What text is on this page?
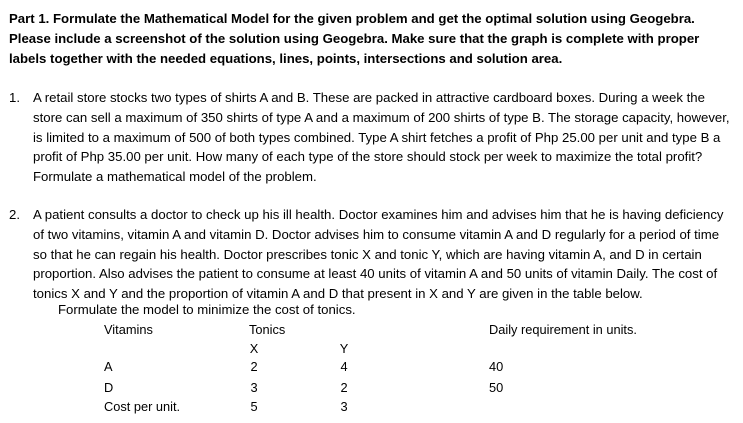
Part 1. Formulate the Mathematical Model for the given problem and get the optimal solution using Geogebra. Please include a screenshot of the solution using Geogebra. Make sure that the graph is complete with proper labels together with the needed equations, lines, points, intersections and solution area.
1. A retail store stocks two types of shirts A and B. These are packed in attractive cardboard boxes. During a week the store can sell a maximum of 350 shirts of type A and a maximum of 200 shirts of type B. The storage capacity, however, is limited to a maximum of 500 of both types combined. Type A shirt fetches a profit of Php 25.00 per unit and type B a profit of Php 35.00 per unit. How many of each type of the store should stock per week to maximize the total profit? Formulate a mathematical model of the problem.
2. A patient consults a doctor to check up his ill health. Doctor examines him and advises him that he is having deficiency of two vitamins, vitamin A and vitamin D. Doctor advises him to consume vitamin A and D regularly for a period of time so that he can regain his health. Doctor prescribes tonic X and tonic Y, which are having vitamin A, and D in certain proportion. Also advises the patient to consume at least 40 units of vitamin A and 50 units of vitamin Daily. The cost of tonics X and Y and the proportion of vitamin A and D that present in X and Y are given in the table below.
Formulate the model to minimize the cost of tonics.
Vitamins	Tonics	Daily requirement in units.
X	Y
A	2	4	40
D	3	2	50
Cost per unit.	5	3
